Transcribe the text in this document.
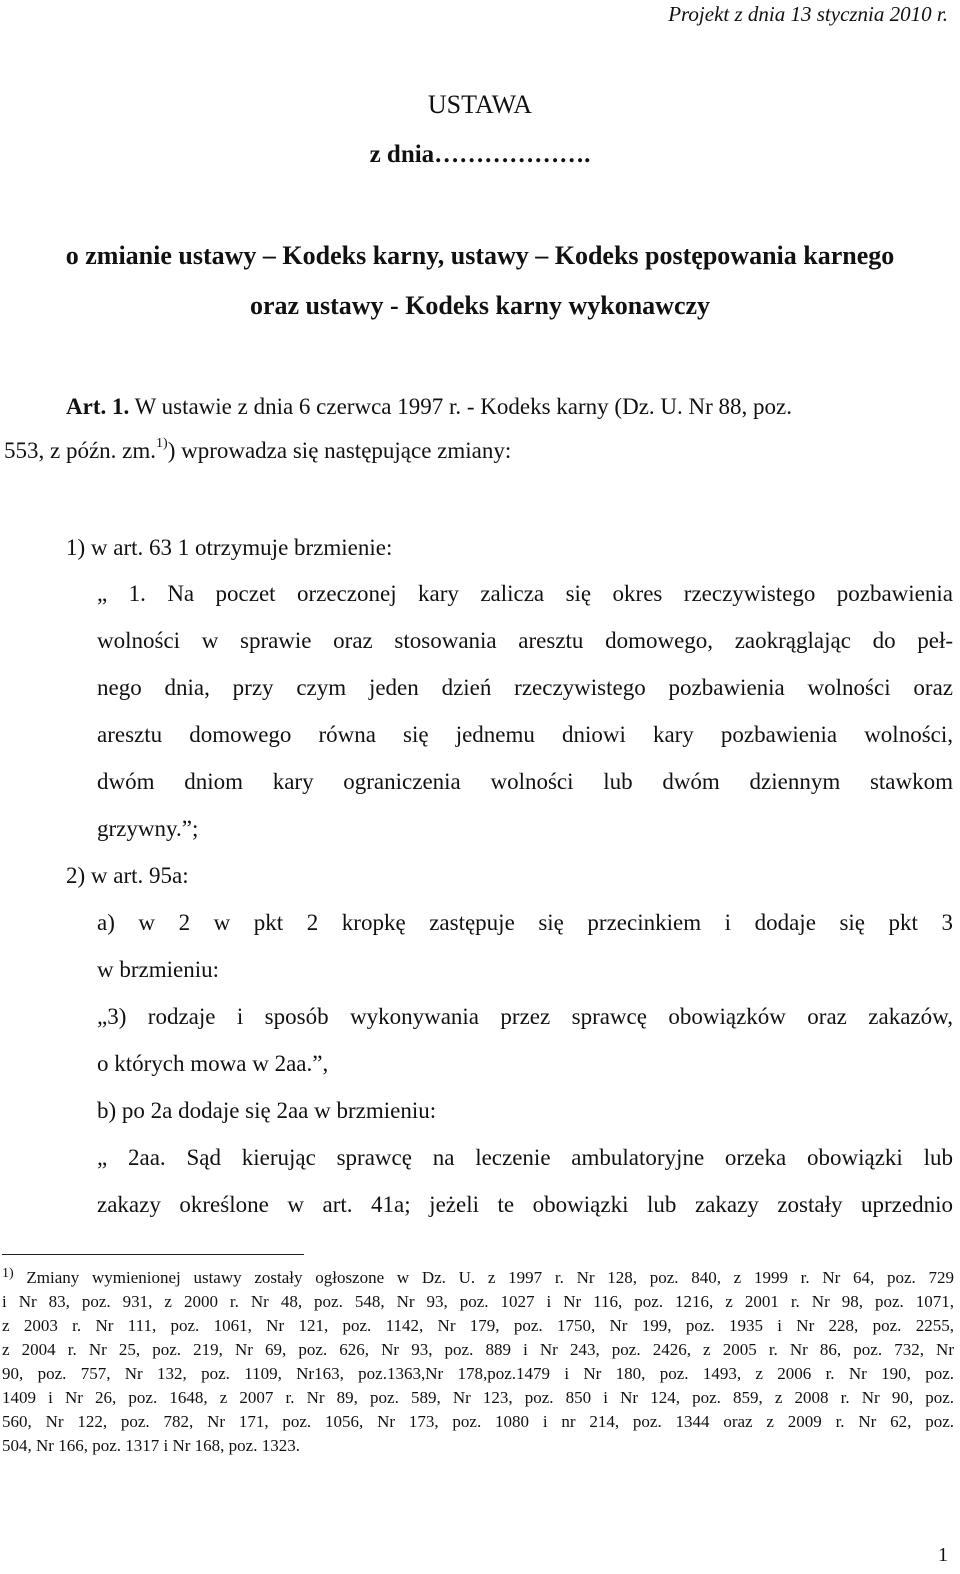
Projekt z dnia 13 stycznia 2010 r.
USTAWA
z dnia……………….
o zmianie ustawy – Kodeks karny, ustawy – Kodeks postępowania karnego
oraz ustawy - Kodeks karny wykonawczy
Art. 1. W ustawie z dnia 6 czerwca 1997 r. - Kodeks karny (Dz. U. Nr 88, poz.
553, z późn. zm.$^{1)}$) wprowadza się następujące zmiany:
1) w art. 63 1 otrzymuje brzmienie:
„ 1. Na poczet orzeczonej kary zalicza się okres rzeczywistego pozbawienia
wolności w sprawie oraz stosowania aresztu domowego, zaokrąglając do peł-
nego dnia, przy czym jeden dzień rzeczywistego pozbawienia wolności oraz
aresztu domowego równa się jednemu dniowi kary pozbawienia wolności,
dwóm dniom kary ograniczenia wolności lub dwóm dziennym stawkom
grzywny.”;
2) w art. 95a:
a) w 2 w pkt 2 kropkę zastępuje się przecinkiem i dodaje się pkt 3
w brzmieniu:
„3) rodzaje i sposób wykonywania przez sprawcę obowiązków oraz zakazów,
o których mowa w 2aa.”,
b) po 2a dodaje się 2aa w brzmieniu:
„ 2aa. Sąd kierując sprawcę na leczenie ambulatoryjne orzeka obowiązki lub
zakazy określone w art. 41a; jeżeli te obowiązki lub zakazy zostały uprzednio
$^{1)}$ Zmiany wymienionej ustawy zostały ogłoszone w Dz. U. z 1997 r. Nr 128, poz. 840, z 1999 r. Nr 64, poz. 729
i Nr 83, poz. 931, z 2000 r. Nr 48, poz. 548, Nr 93, poz. 1027 i Nr 116, poz. 1216, z 2001 r. Nr 98, poz. 1071,
z 2003 r. Nr 111, poz. 1061, Nr 121, poz. 1142, Nr 179, poz. 1750, Nr 199, poz. 1935 i Nr 228, poz. 2255,
z 2004 r. Nr 25, poz. 219, Nr 69, poz. 626, Nr 93, poz. 889 i Nr 243, poz. 2426, z 2005 r. Nr 86, poz. 732, Nr
90, poz. 757, Nr 132, poz. 1109, Nr163, poz.1363,Nr 178,poz.1479 i Nr 180, poz. 1493, z 2006 r. Nr 190, poz.
1409 i Nr 26, poz. 1648, z 2007 r. Nr 89, poz. 589, Nr 123, poz. 850 i Nr 124, poz. 859, z 2008 r. Nr 90, poz.
560, Nr 122, poz. 782, Nr 171, poz. 1056, Nr 173, poz. 1080 i nr 214, poz. 1344 oraz z 2009 r. Nr 62, poz.
504, Nr 166, poz. 1317 i Nr 168, poz. 1323.
1
